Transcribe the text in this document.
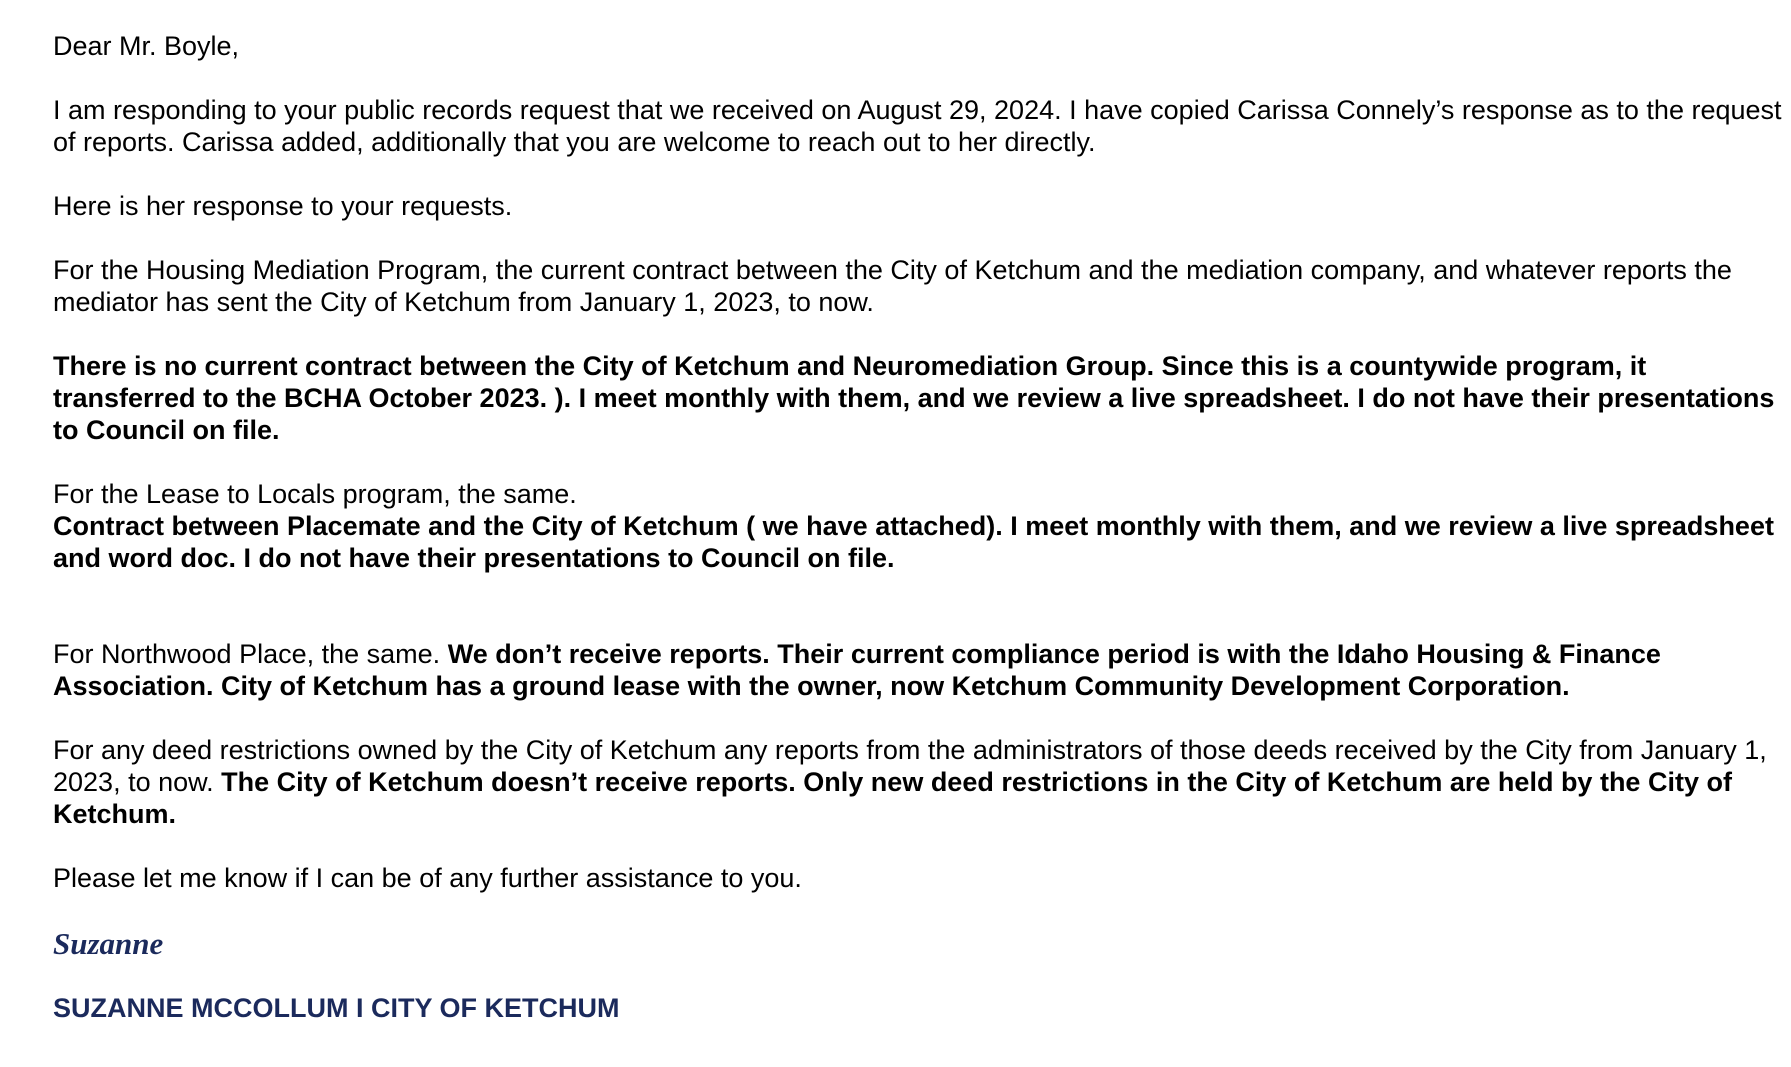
Dear Mr. Boyle,

I am responding to your public records request that we received on August 29, 2024. I have copied Carissa Connely’s response as to the request of reports. Carissa added, additionally that you are welcome to reach out to her directly.

Here is her response to your requests.

For the Housing Mediation Program, the current contract between the City of Ketchum and the mediation company, and whatever reports the mediator has sent the City of Ketchum from January 1, 2023, to now.

There is no current contract between the City of Ketchum and Neuromediation Group. Since this is a countywide program, it transferred to the BCHA October 2023. ). I meet monthly with them, and we review a live spreadsheet. I do not have their presentations to Council on file.

For the Lease to Locals program, the same.

Contract between Placemate and the City of Ketchum ( we have attached). I meet monthly with them, and we review a live spreadsheet and word doc. I do not have their presentations to Council on file.

For Northwood Place, the same. We don’t receive reports. Their current compliance period is with the Idaho Housing & Finance Association. City of Ketchum has a ground lease with the owner, now Ketchum Community Development Corporation.

For any deed restrictions owned by the City of Ketchum any reports from the administrators of those deeds received by the City from January 1, 2023, to now. The City of Ketchum doesn’t receive reports. Only new deed restrictions in the City of Ketchum are held by the City of Ketchum.

Please let me know if I can be of any further assistance to you.

Suzanne

SUZANNE MCCOLLUM I CITY OF KETCHUM
